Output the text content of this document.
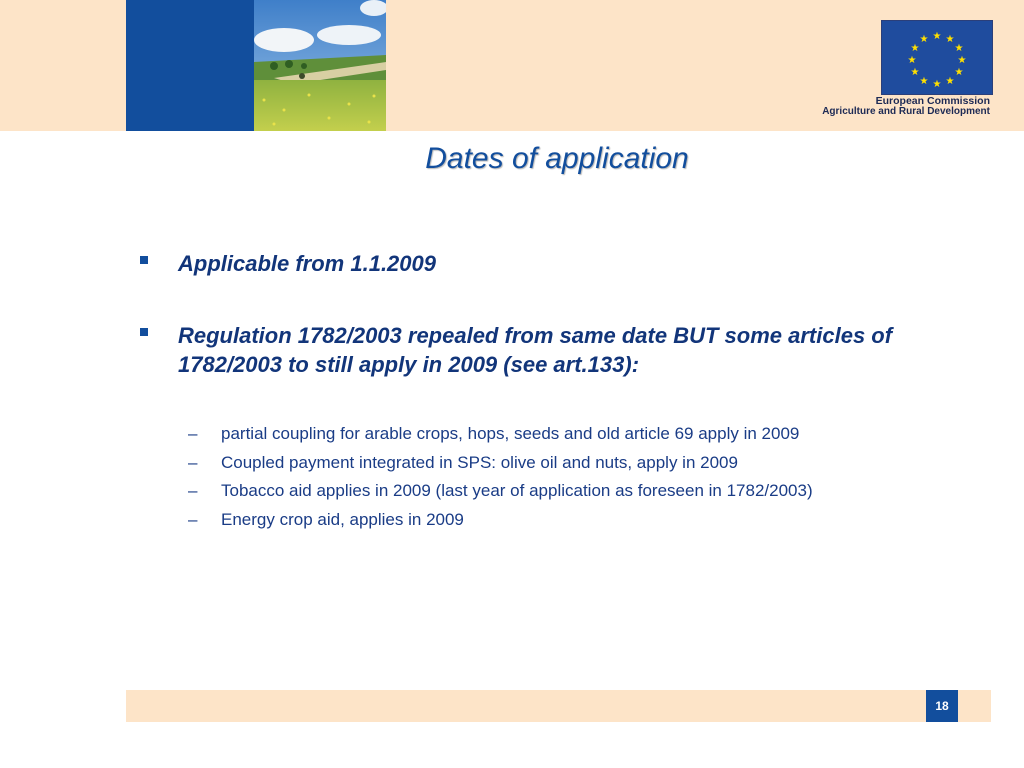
★ ★
★
★
★
★
★
★
★
★
★
★
European Commission
Agriculture and Rural Development
Dates of application
Applicable from 1.1.2009
Regulation 1782/2003 repealed from same date BUT some articles of 1782/2003 to still apply in 2009 (see art.133):
– partial coupling for arable crops, hops, seeds and old article 69 apply in 2009
– Coupled payment integrated in SPS: olive oil and nuts, apply in 2009
– Tobacco aid applies in 2009 (last year of application as foreseen in 1782/2003)
– Energy crop aid, applies in 2009
18
